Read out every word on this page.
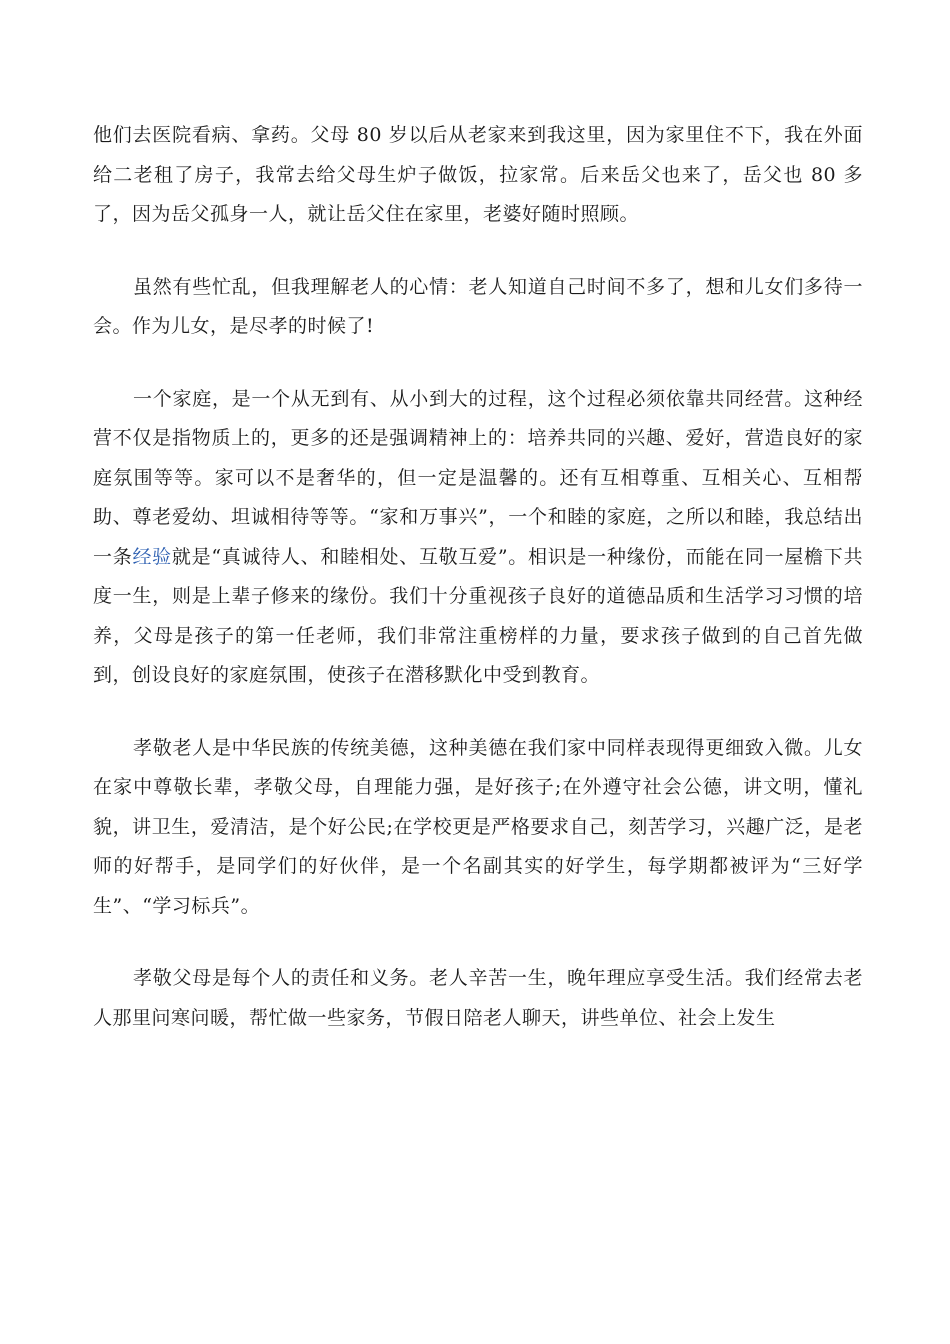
他们去医院看病、拿药。父母 80 岁以后从老家来到我这里，因为家里住不下，我在外面给二老租了房子，我常去给父母生炉子做饭，拉家常。后来岳父也来了，岳父也 80 多了，因为岳父孤身一人，就让岳父住在家里，老婆好随时照顾。

虽然有些忙乱，但我理解老人的心情：老人知道自己时间不多了，想和儿女们多待一会。作为儿女，是尽孝的时候了!

一个家庭，是一个从无到有、从小到大的过程，这个过程必须依靠共同经营。这种经营不仅是指物质上的，更多的还是强调精神上的：培养共同的兴趣、爱好，营造良好的家庭氛围等等。家可以不是奢华的，但一定是温馨的。还有互相尊重、互相关心、互相帮助、尊老爱幼、坦诚相待等等。“家和万事兴”，一个和睦的家庭，之所以和睦，我总结出一条经验就是“真诚待人、和睦相处、互敬互爱”。相识是一种缘份，而能在同一屋檐下共度一生，则是上辈子修来的缘份。我们十分重视孩子良好的道德品质和生活学习习惯的培养，父母是孩子的第一任老师，我们非常注重榜样的力量，要求孩子做到的自己首先做到，创设良好的家庭氛围，使孩子在潜移默化中受到教育。

孝敬老人是中华民族的传统美德，这种美德在我们家中同样表现得更细致入微。儿女在家中尊敬长辈，孝敬父母，自理能力强，是好孩子;在外遵守社会公德，讲文明，懂礼貌，讲卫生，爱清洁，是个好公民;在学校更是严格要求自己，刻苦学习，兴趣广泛，是老师的好帮手，是同学们的好伙伴，是一个名副其实的好学生，每学期都被评为“三好学生”、“学习标兵”。

孝敬父母是每个人的责任和义务。老人辛苦一生，晚年理应享受生活。我们经常去老人那里问寒问暖，帮忙做一些家务，节假日陪老人聊天，讲些单位、社会上发生
